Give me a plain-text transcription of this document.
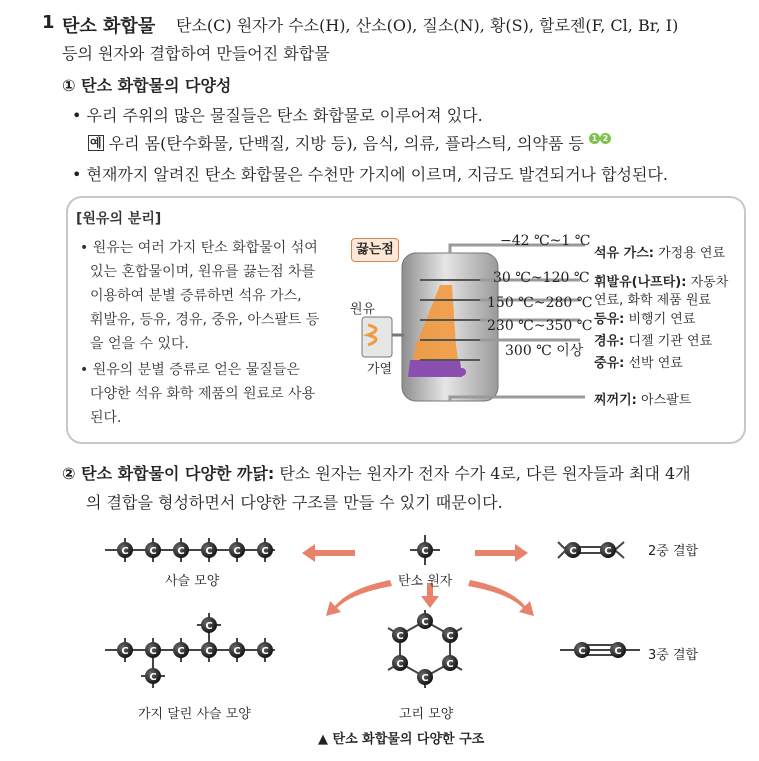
1 탄소 화합물 탄소(C) 원자가 수소(H), 산소(O), 질소(N), 황(S), 할로젠(F, Cl, Br, I)
등의 원자와 결합하여 만들어진 화합물
① 탄소 화합물의 다양성
• 우리 주위의 많은 물질들은 탄소 화합물로 이루어져 있다.
예 우리 몸(탄수화물, 단백질, 지방 등), 음식, 의류, 플라스틱, 의약품 등 1 2
• 현재까지 알려진 탄소 화합물은 수천만 가지에 이르며, 지금도 발견되거나 합성된다.
[원유의 분리]
• 원유는 여러 가지 탄소 화합물이 섞여
있는 혼합물이며, 원유를 끓는점 차를
이용하여 분별 증류하면 석유 가스,
휘발유, 등유, 경유, 중유, 아스팔트 등
을 얻을 수 있다.
• 원유의 분별 증류로 얻은 물질들은
다양한 석유 화학 제품의 원료로 사용
된다.
끓는점
원유
가열
−42 ℃~1 ℃
30 ℃~120 ℃
150 ℃~280 ℃
230 ℃~350 ℃
300 ℃ 이상
석유 가스: 가정용 연료
휘발유(나프타): 자동차
연료, 화학 제품 원료
등유: 비행기 연료
경유: 디젤 기관 연료
중유: 선박 연료
찌꺼기: 아스팔트
② 탄소 화합물이 다양한 까닭: 탄소 원자는 원자가 전자 수가 4로, 다른 원자들과 최대 4개
의 결합을 형성하면서 다양한 구조를 만들 수 있기 때문이다.
C
사슬 모양	탄소 원자
2중 결합
가지 달린 사슬 모양	고리 모양
3중 결합
▲ 탄소 화합물의 다양한 구조
